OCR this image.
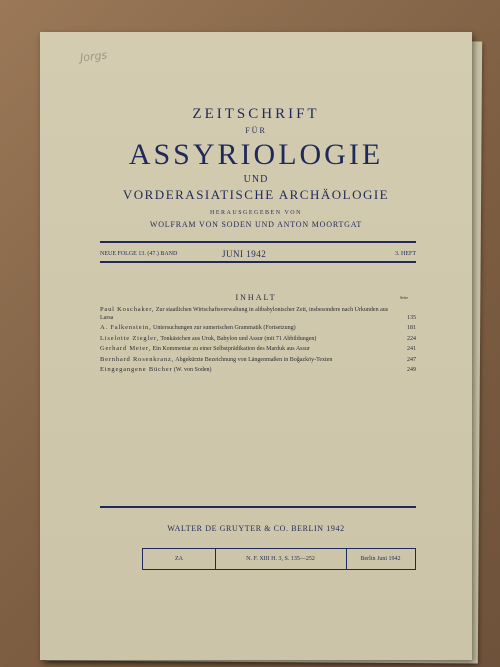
Jorgs
ZEITSCHRIFT
FÜR
ASSYRIOLOGIE
UND
VORDERASIATISCHE ARCHÄOLOGIE
HERAUSGEGEBEN VON
WOLFRAM VON SODEN UND ANTON MOORTGAT
NEUE FOLGE 13. (47.) BAND	JUNI 1942	3. HEFT
INHALT	Seite
Paul Koschaker, Zur staatlichen Wirtschaftsverwaltung in altbabylonischer Zeit, insbesondere nach Urkunden aus Larsa	135
A. Falkenstein, Untersuchungen zur sumerischen Grammatik (Fortsetzung)	181
Liselotte Ziegler, Tonkästchen aus Uruk, Babylon und Assur (mit 71 Abbildungen)	224
Gerhard Meier, Ein Kommentar zu einer Selbstprädikation des Marduk aus Assur	241
Bernhard Rosenkranz, Abgekürzte Bezeichnung von Längenmaßen in Boğazköy-Texten	247
Eingegangene Bücher (W. von Soden)	249
WALTER DE GRUYTER & CO. BERLIN 1942
ZA	N. F. XIII H. 3, S. 135—252	Berlin Juni 1942
